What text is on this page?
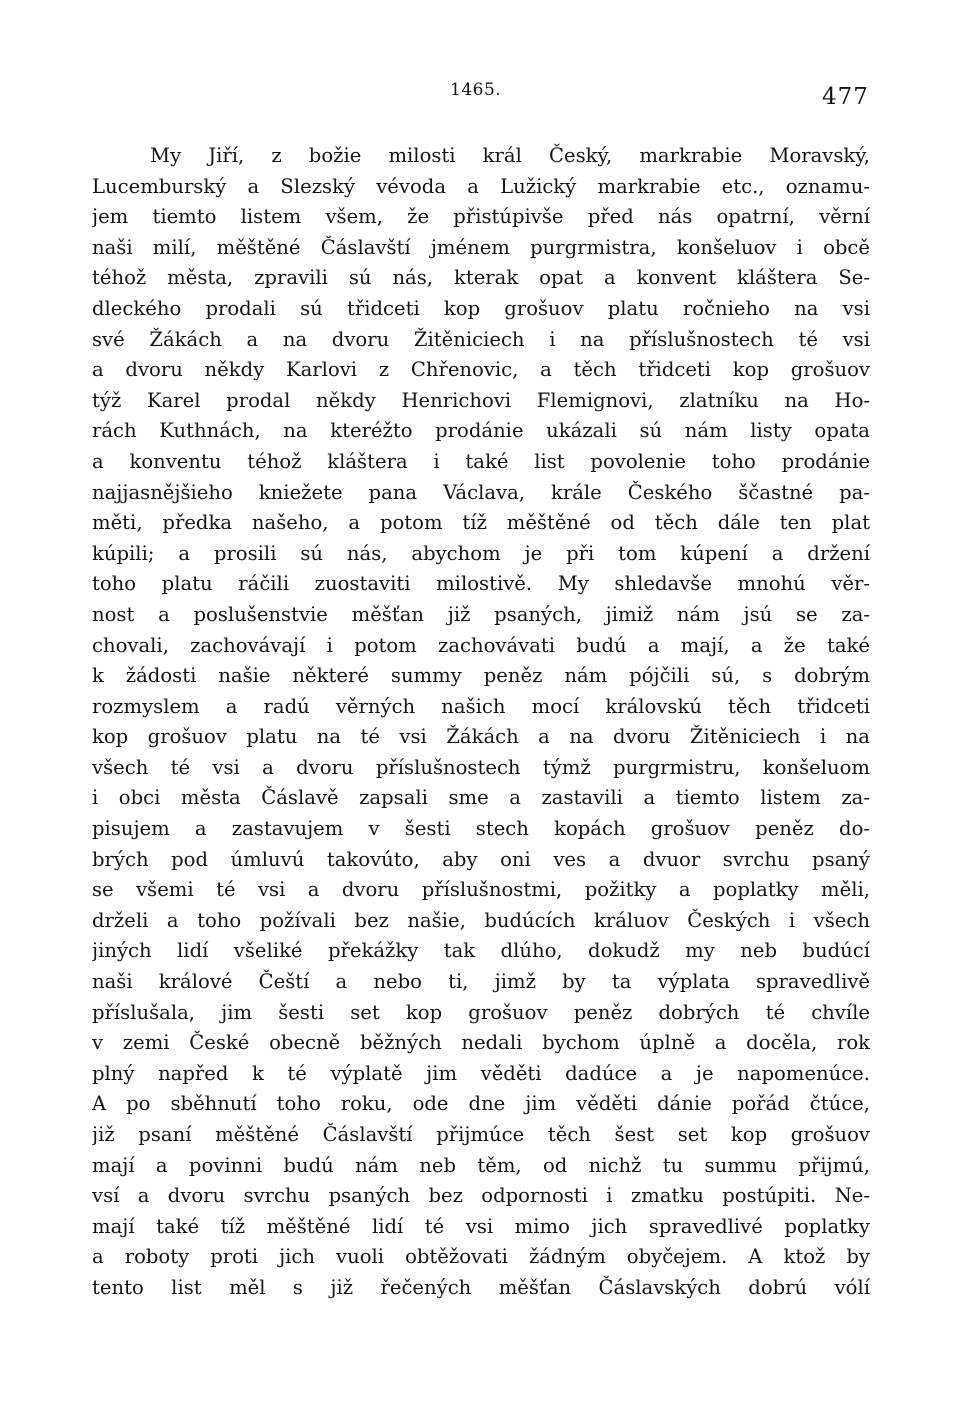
1465.	477
My Jiří, z božie milosti král Český, markrabie Moravský,
Lucemburský a Slezský vévoda a Lužický markrabie etc., oznamu-
jem tiemto listem všem, že přistúpivše před nás opatrní, věrní
naši milí, měštěné Čáslavští jménem purgrmistra, konšeluov i obcě
téhož města, zpravili sú nás, kterak opat a konvent kláštera Se-
dleckého prodali sú třidceti kop grošuov platu ročnieho na vsi
své Žákách a na dvoru Žitěniciech i na příslušnostech té vsi
a dvoru někdy Karlovi z Chřenovic, a těch třidceti kop grošuov
týž Karel prodal někdy Henrichovi Flemignovi, zlatníku na Ho-
rách Kuthnách, na kteréžto prodánie ukázali sú nám listy opata
a konventu téhož kláštera i také list povolenie toho prodánie
najjasnějšieho kniežete pana Václava, krále Českého ščastné pa-
měti, předka našeho, a potom tíž měštěné od těch dále ten plat
kúpili; a prosili sú nás, abychom je při tom kúpení a držení
toho platu ráčili zuostaviti milostivě. My shledavše mnohú věr-
nost a poslušenstvie měšťan již psaných, jimiž nám jsú se za-
chovali, zachovávají i potom zachovávati budú a mají, a že také
k žádosti našie některé summy peněz nám pójčili sú, s dobrým
rozmyslem a radú věrných našich mocí královskú těch třidceti
kop grošuov platu na té vsi Žákách a na dvoru Žitěniciech i na
všech té vsi a dvoru příslušnostech týmž purgrmistru, konšeluom
i obci města Čáslavě zapsali sme a zastavili a tiemto listem za-
pisujem a zastavujem v šesti stech kopách grošuov peněz do-
brých pod úmluvú takovúto, aby oni ves a dvuor svrchu psaný
se všemi té vsi a dvoru příslušnostmi, požitky a poplatky měli,
drželi a toho požívali bez našie, budúcích králuov Českých i všech
jiných lidí všeliké překážky tak dlúho, dokudž my neb budúcí
naši králové Čeští a nebo ti, jimž by ta výplata spravedlivě
příslušala, jim šesti set kop grošuov peněz dobrých té chvíle
v zemi České obecně běžných nedali bychom úplně a docěla, rok
plný napřed k té výplatě jim věděti dadúce a je napomenúce.
A po sběhnutí toho roku, ode dne jim věděti dánie pořád čtúce,
již psaní měštěné Čáslavští přijmúce těch šest set kop grošuov
mají a povinni budú nám neb těm, od nichž tu summu přijmú,
vsí a dvoru svrchu psaných bez odpornosti i zmatku postúpiti. Ne-
mají také tíž měštěné lidí té vsi mimo jich spravedlivé poplatky
a roboty proti jich vuoli obtěžovati žádným obyčejem. A ktož by
tento list měl s již řečených měšťan Čáslavských dobrú vólí
